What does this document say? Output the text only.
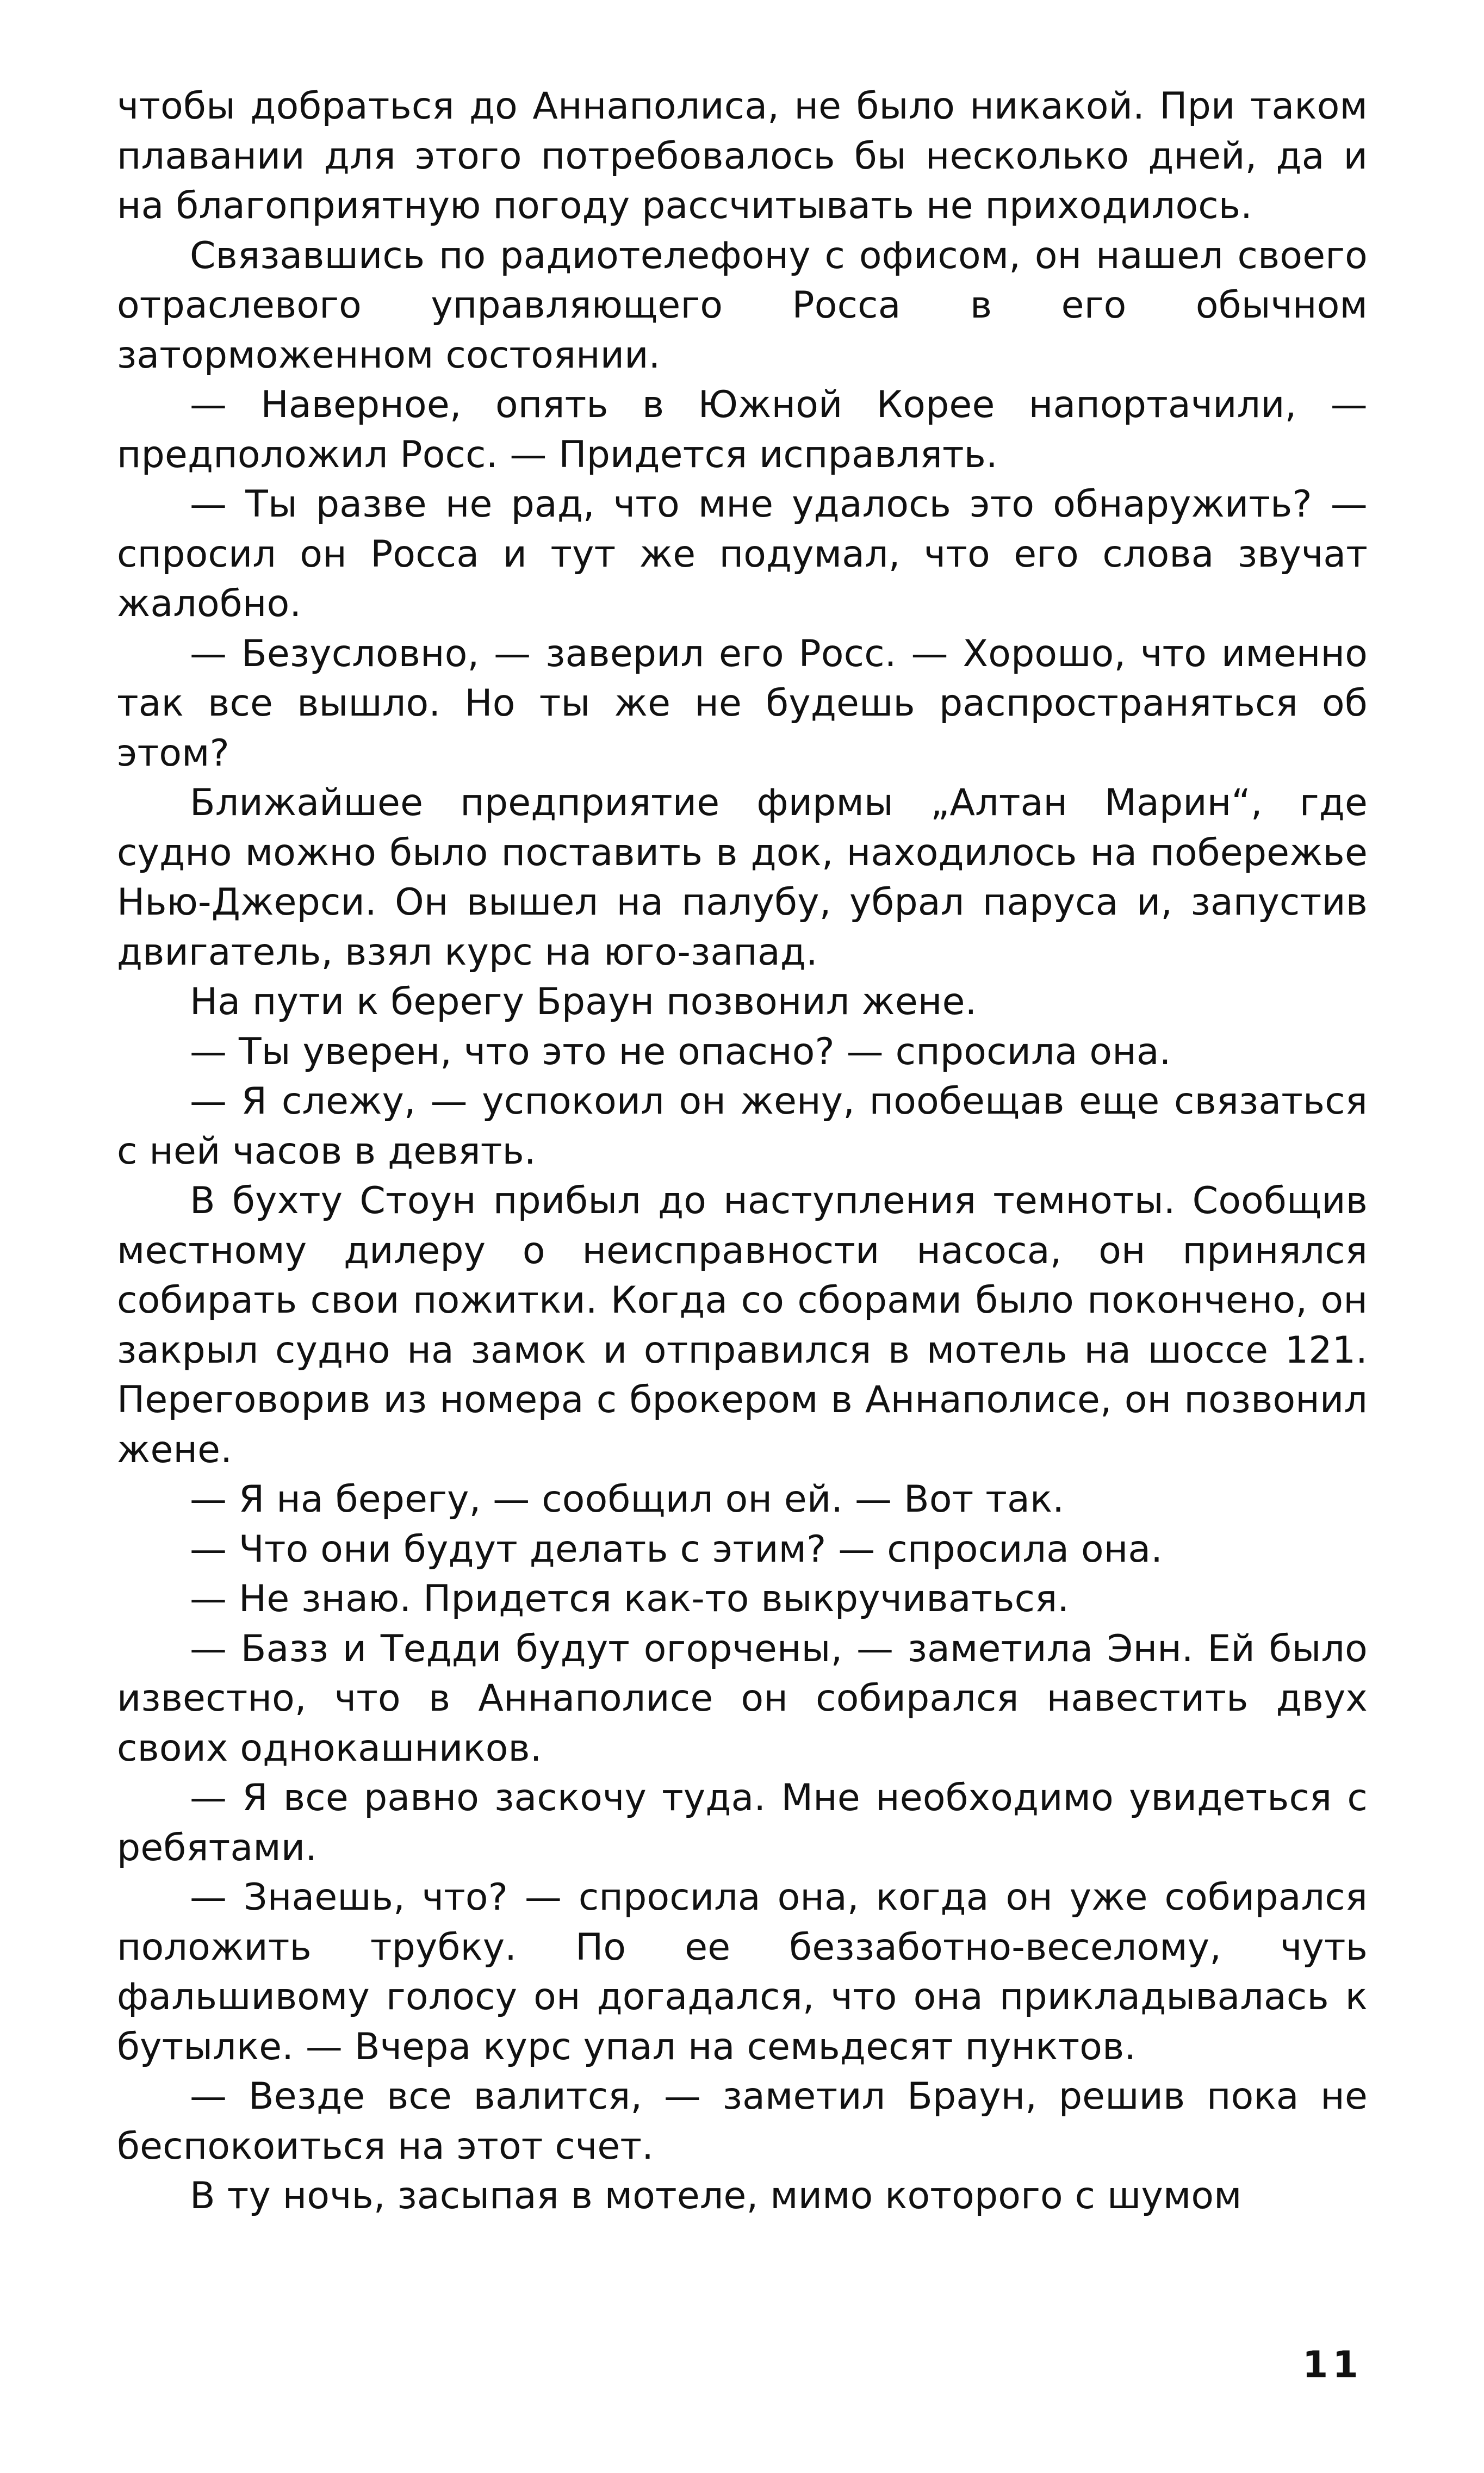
чтобы добраться до Аннаполиса, не было никакой. При таком плавании для этого потребовалось бы несколько дней, да и на благоприятную погоду рассчитывать не приходилось.

Связавшись по радиотелефону с офисом, он нашел своего отраслевого управляющего Росса в его обычном заторможенном состоянии.

— Наверное, опять в Южной Корее напортачили, — предположил Росс. — Придется исправлять.

— Ты разве не рад, что мне удалось это обнаружить? — спросил он Росса и тут же подумал, что его слова звучат жалобно.

— Безусловно, — заверил его Росс. — Хорошо, что именно так все вышло. Но ты же не будешь распространяться об этом?

Ближайшее предприятие фирмы „Алтан Марин“, где судно можно было поставить в док, находилось на побережье Нью-Джерси. Он вышел на палубу, убрал паруса и, запустив двигатель, взял курс на юго-запад.

На пути к берегу Браун позвонил жене.

— Ты уверен, что это не опасно? — спросила она.

— Я слежу, — успокоил он жену, пообещав еще связаться с ней часов в девять.

В бухту Стоун прибыл до наступления темноты. Сообщив местному дилеру о неисправности насоса, он принялся собирать свои пожитки. Когда со сборами было покончено, он закрыл судно на замок и отправился в мотель на шоссе 121. Переговорив из номера с брокером в Аннаполисе, он позвонил жене.

— Я на берегу, — сообщил он ей. — Вот так.

— Что они будут делать с этим? — спросила она.

— Не знаю. Придется как-то выкручиваться.

— Базз и Тедди будут огорчены, — заметила Энн. Ей было известно, что в Аннаполисе он собирался навестить двух своих однокашников.

— Я все равно заскочу туда. Мне необходимо увидеться с ребятами.

— Знаешь, что? — спросила она, когда он уже собирался положить трубку. По ее беззаботно-веселому, чуть фальшивому голосу он догадался, что она прикладывалась к бутылке. — Вчера курс упал на семьдесят пунктов.

— Везде все валится, — заметил Браун, решив пока не беспокоиться на этот счет.

В ту ночь, засыпая в мотеле, мимо которого с шумом

11
